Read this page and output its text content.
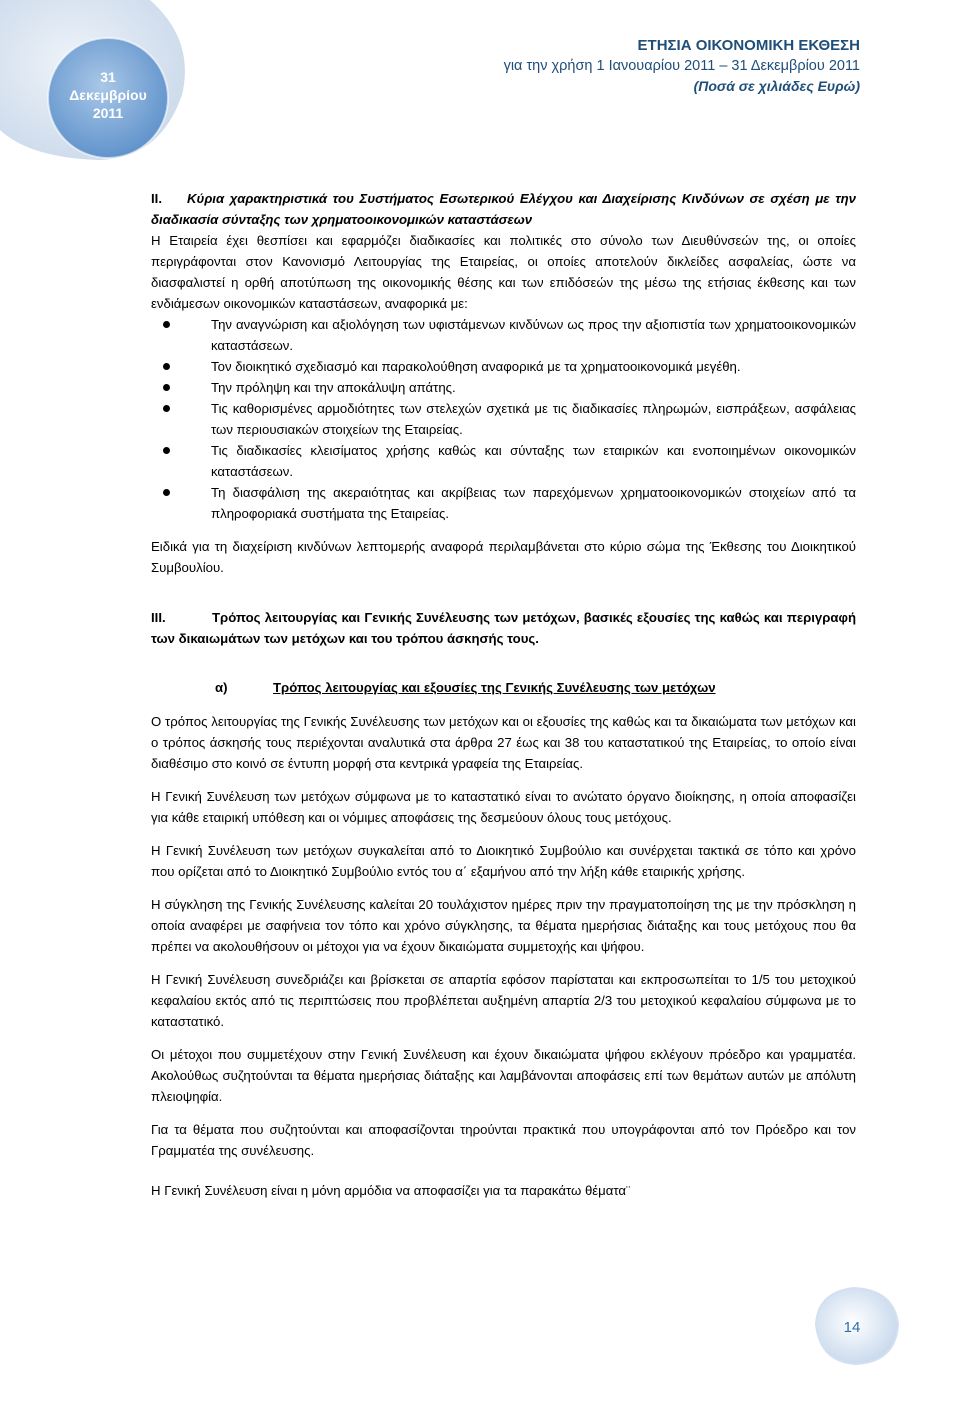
31
Δεκεμβρίου
2011
ΕΤΗΣΙΑ ΟΙΚΟΝΟΜΙΚΗ ΕΚΘΕΣΗ
για την χρήση 1 Ιανουαρίου 2011 – 31 Δεκεμβρίου 2011
(Ποσά σε χιλιάδες Ευρώ)

ΙΙ. Κύρια χαρακτηριστικά του Συστήματος Εσωτερικού Ελέγχου και Διαχείρισης Κινδύνων σε σχέση με την διαδικασία σύνταξης των χρηματοοικονομικών καταστάσεων

Η Εταιρεία έχει θεσπίσει και εφαρμόζει διαδικασίες και πολιτικές στο σύνολο των Διευθύνσεών της, οι οποίες περιγράφονται στον Κανονισμό Λειτουργίας της Εταιρείας, οι οποίες αποτελούν δικλείδες ασφαλείας, ώστε να διασφαλιστεί η ορθή αποτύπωση της οικονομικής θέσης και των επιδόσεών της μέσω της ετήσιας έκθεσης και των ενδιάμεσων οικονομικών καταστάσεων, αναφορικά με:

Την αναγνώριση και αξιολόγηση των υφιστάμενων κινδύνων ως προς την αξιοπιστία των χρηματοοικονομικών καταστάσεων.
Τον διοικητικό σχεδιασμό και παρακολούθηση αναφορικά με τα χρηματοοικονομικά μεγέθη.
Την πρόληψη και την αποκάλυψη απάτης.
Τις καθορισμένες αρμοδιότητες των στελεχών σχετικά με τις διαδικασίες πληρωμών, εισπράξεων, ασφάλειας των περιουσιακών στοιχείων της Εταιρείας.
Τις διαδικασίες κλεισίματος χρήσης καθώς και σύνταξης των εταιρικών και ενοποιημένων οικονομικών καταστάσεων.
Τη διασφάλιση της ακεραιότητας και ακρίβειας των παρεχόμενων χρηματοοικονομικών στοιχείων από τα πληροφοριακά συστήματα της Εταιρείας.

Ειδικά για τη διαχείριση κινδύνων λεπτομερής αναφορά περιλαμβάνεται στο κύριο σώμα της Έκθεσης του Διοικητικού Συμβουλίου.

ΙΙΙ.	Τρόπος λειτουργίας και Γενικής Συνέλευσης των μετόχων, βασικές εξουσίες της καθώς και περιγραφή των δικαιωμάτων των μετόχων και του τρόπου άσκησής τους.

α)	Τρόπος λειτουργίας και εξουσίες της Γενικής Συνέλευσης των μετόχων

Ο τρόπος λειτουργίας της Γενικής Συνέλευσης των μετόχων και οι εξουσίες της καθώς και τα δικαιώματα των μετόχων και ο τρόπος άσκησής τους περιέχονται αναλυτικά στα άρθρα 27 έως και 38 του καταστατικού της Εταιρείας, το οποίο είναι διαθέσιμο στο κοινό σε έντυπη μορφή στα κεντρικά γραφεία της Εταιρείας.

Η Γενική Συνέλευση των μετόχων σύμφωνα με το καταστατικό είναι το ανώτατο όργανο διοίκησης, η οποία αποφασίζει για κάθε εταιρική υπόθεση και οι νόμιμες αποφάσεις της δεσμεύουν όλους τους μετόχους.

Η Γενική Συνέλευση των μετόχων συγκαλείται από το Διοικητικό Συμβούλιο και συνέρχεται τακτικά σε τόπο και χρόνο που ορίζεται από το Διοικητικό Συμβούλιο εντός του α΄ εξαμήνου από την λήξη κάθε εταιρικής χρήσης.

Η σύγκληση της Γενικής Συνέλευσης καλείται 20 τουλάχιστον ημέρες πριν την πραγματοποίηση της με την πρόσκληση η οποία αναφέρει με σαφήνεια τον τόπο και χρόνο σύγκλησης, τα θέματα ημερήσιας διάταξης και τους μετόχους που θα πρέπει να ακολουθήσουν οι μέτοχοι για να έχουν δικαιώματα συμμετοχής και ψήφου.

Η Γενική Συνέλευση συνεδριάζει και βρίσκεται σε απαρτία εφόσον παρίσταται και εκπροσωπείται το 1/5 του μετοχικού κεφαλαίου εκτός από τις περιπτώσεις που προβλέπεται αυξημένη απαρτία 2/3 του μετοχικού κεφαλαίου σύμφωνα με το καταστατικό.

Οι μέτοχοι που συμμετέχουν στην Γενική Συνέλευση και έχουν δικαιώματα ψήφου εκλέγουν πρόεδρο και γραμματέα. Ακολούθως συζητούνται τα θέματα ημερήσιας διάταξης και λαμβάνονται αποφάσεις επί των θεμάτων αυτών με απόλυτη πλειοψηφία.

Για τα θέματα που συζητούνται και αποφασίζονται τηρούνται πρακτικά που υπογράφονται από τον Πρόεδρο και τον Γραμματέα της συνέλευσης.

Η Γενική Συνέλευση είναι η μόνη αρμόδια να αποφασίζει για τα παρακάτω θέματα¨

14
